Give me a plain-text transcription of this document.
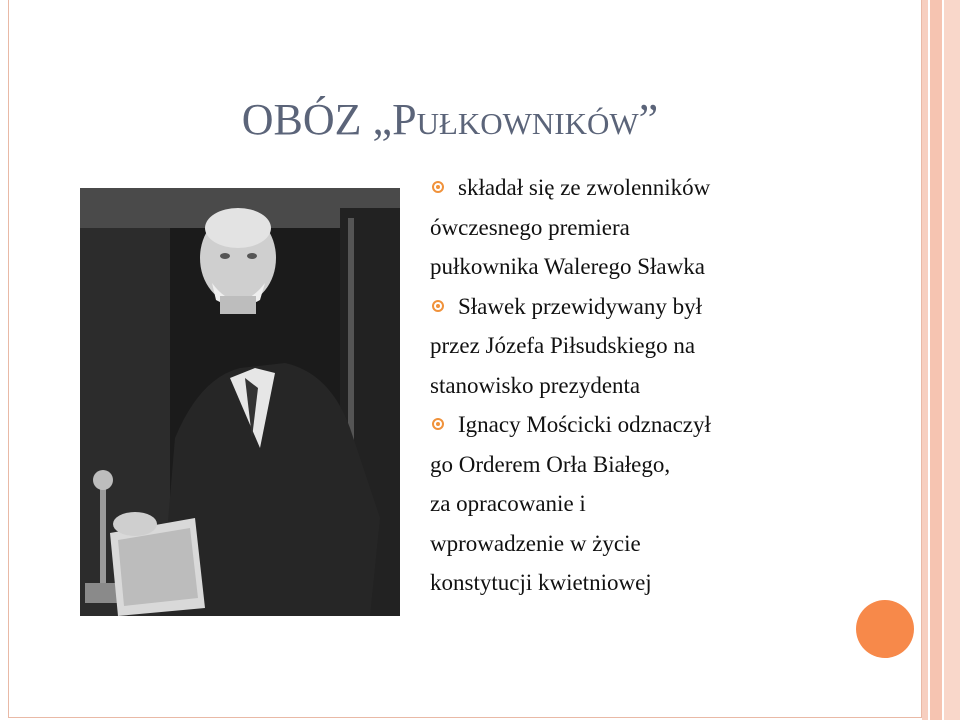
OBÓZ „Pułkowników”
składał się ze zwolenników
ówczesnego premiera
pułkownika Walerego Sławka
Sławek przewidywany był
przez Józefa Piłsudskiego na
stanowisko prezydenta
Ignacy Mościcki odznaczył
go Orderem Orła Białego,
za opracowanie i
wprowadzenie w życie
konstytucji kwietniowej
